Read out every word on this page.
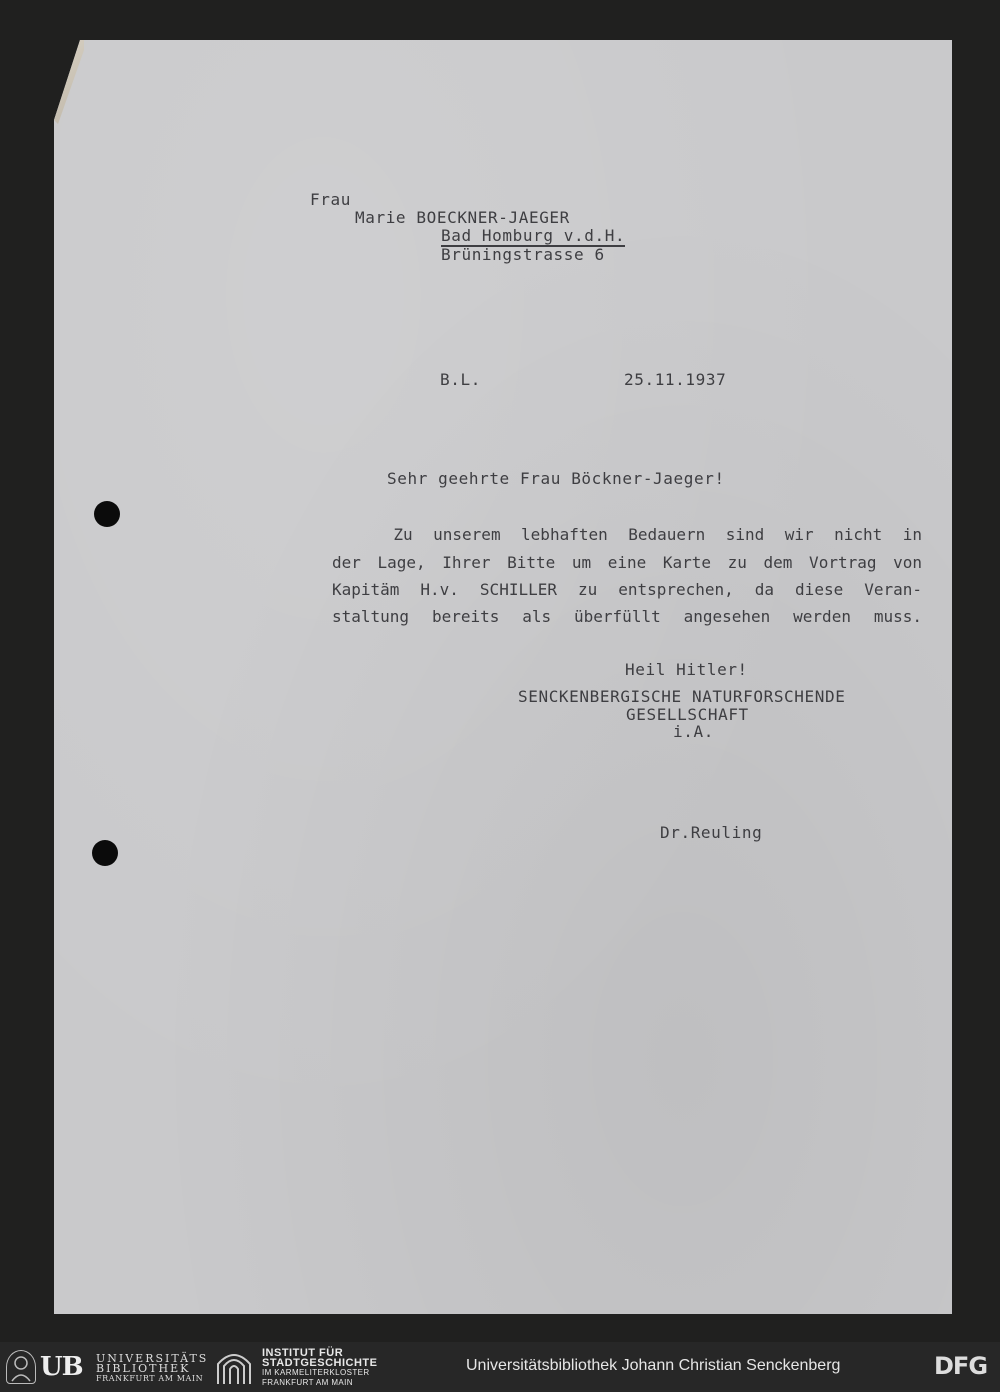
Frau
Marie BOECKNER-JAEGER
Bad Homburg v.d.H.
Brüningstrasse 6
B.L.	25.11.1937
Sehr geehrte Frau Böckner-Jaeger!
Zu unserem lebhaften Bedauern sind wir nicht in
der Lage, Ihrer Bitte um eine Karte zu dem Vortrag von
Kapitäm H.v. SCHILLER zu entsprechen, da diese Veran-
staltung bereits als überfüllt angesehen werden muss.
Heil Hitler!
SENCKENBERGISCHE NATURFORSCHENDE
GESELLSCHAFT
i.A.
Dr.Reuling
UB UNIVERSITÄTS
BIBLIOTHEK
FRANKFURT AM MAIN
INSTITUT FÜR
STADTGESCHICHTE
IM KARMELITERKLOSTER
FRANKFURT AM MAIN
Universitätsbibliothek Johann Christian Senckenberg	DFG
